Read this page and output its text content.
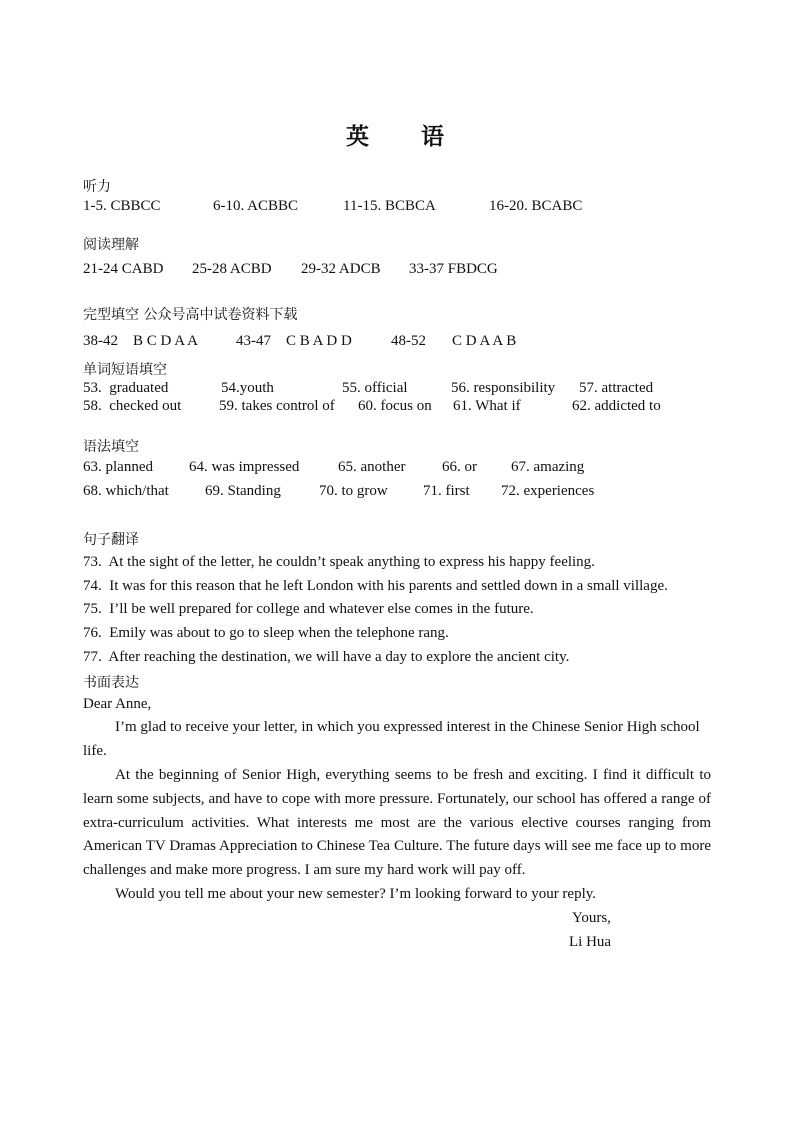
英 语
听力
1-5. CBBCC	6-10. ACBBC	11-15. BCBCA	16-20. BCABC
阅读理解
21-24 CABD 25-28 ACBD 29-32 ADCB 33-37 FBDCG
完型填空 公众号高中试卷资料下载
38-42    B C D A A	43-47    C B A D D	48-52 C D A A B
单词短语填空
53.  graduated	54.youth	55. official	56. responsibility 57. attracted
58.  checked out	59. takes control of 60. focus on 61. What if	62. addicted to
语法填空
63. planned 64. was impressed	65. another 66. or 67. amazing
68. which/that 69. Standing	70. to grow 71. first 72. experiences
句子翻译
73.  At the sight of the letter, he couldn’t speak anything to express his happy feeling.
74.  It was for this reason that he left London with his parents and settled down in a small village.
75.  I’ll be well prepared for college and whatever else comes in the future.
76.  Emily was about to go to sleep when the telephone rang.
77.  After reaching the destination, we will have a day to explore the ancient city.
书面表达
Dear Anne,
I’m glad to receive your letter, in which you expressed interest in the Chinese Senior High school life.
At the beginning of Senior High, everything seems to be fresh and exciting. I find it difficult to learn some subjects, and have to cope with more pressure. Fortunately, our school has offered a range of extra-curriculum activities. What interests me most are the various elective courses ranging from American TV Dramas Appreciation to Chinese Tea Culture. The future days will see me face up to more challenges and make more progress. I am sure my hard work will pay off.
Would you tell me about your new semester? I’m looking forward to your reply.
Yours,
Li Hua
